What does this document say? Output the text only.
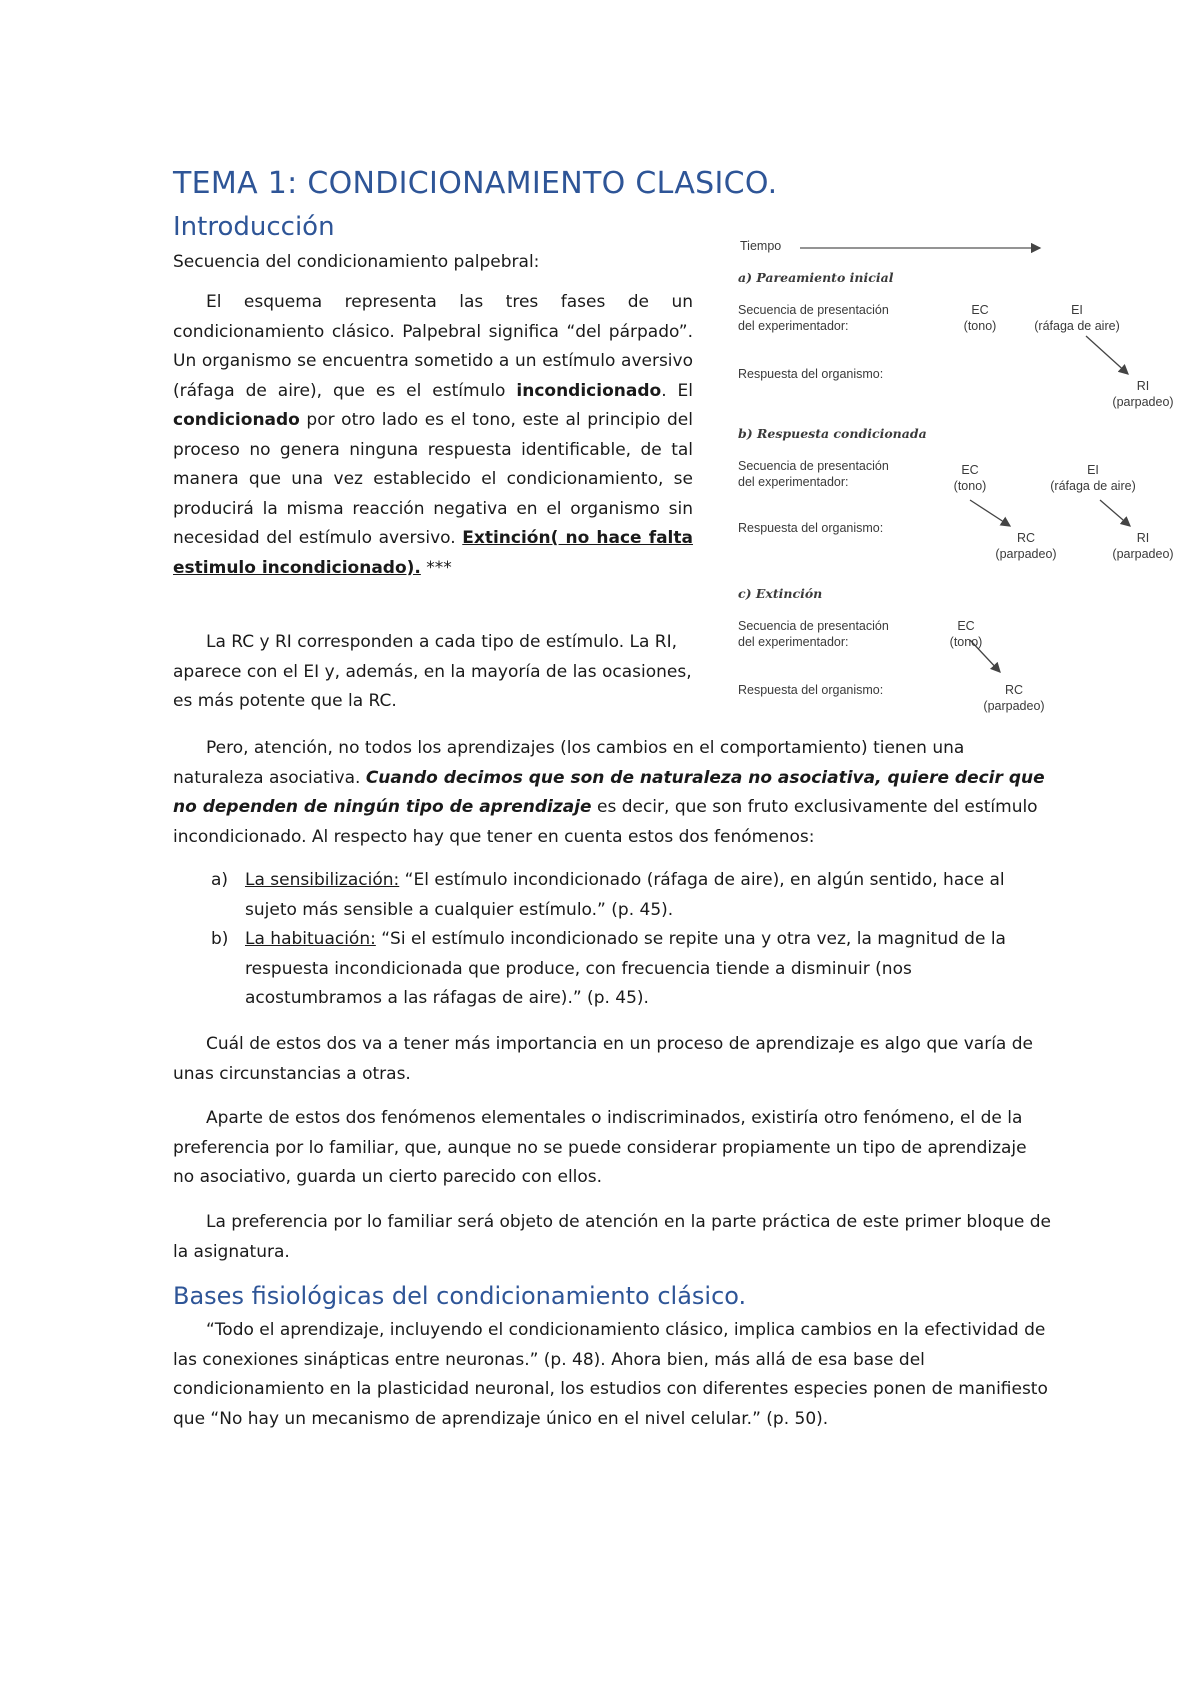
TEMA 1: CONDICIONAMIENTO CLASICO.
Introducción

Secuencia del condicionamiento palpebral:

El esquema representa las tres fases de un condicionamiento clásico. Palpebral significa “del párpado”. Un organismo se encuentra sometido a un estímulo aversivo (ráfaga de aire), que es el estímulo incondicionado. El condicionado por otro lado es el tono, este al principio del proceso no genera ninguna respuesta identificable, de tal manera que una vez establecido el condicionamiento, se producirá la misma reacción negativa en el organismo sin necesidad del estímulo aversivo. Extinción( no hace falta estimulo incondicionado). ***

La RC y RI corresponden a cada tipo de estímulo. La RI, aparece con el EI y, además, en la mayoría de las ocasiones, es más potente que la RC.

Tiempo
a) Pareamiento inicial
Secuencia de presentación
del experimentador:
Respuesta del organismo:
EC
(tono)
EI
(ráfaga de aire)
RI
(parpadeo)
b) Respuesta condicionada
Secuencia de presentación
del experimentador:
Respuesta del organismo:
EC
(tono)
EI
(ráfaga de aire)
RC
(parpadeo)
RI
(parpadeo)
c) Extinción
Secuencia de presentación
del experimentador:
Respuesta del organismo:
EC
(tono)
RC
(parpadeo)

Pero, atención, no todos los aprendizajes (los cambios en el comportamiento) tienen una naturaleza asociativa. Cuando decimos que son de naturaleza no asociativa, quiere decir que no dependen de ningún tipo de aprendizaje es decir, que son fruto exclusivamente del estímulo incondicionado. Al respecto hay que tener en cuenta estos dos fenómenos:

a) La sensibilización: “El estímulo incondicionado (ráfaga de aire), en algún sentido, hace al sujeto más sensible a cualquier estímulo.” (p. 45).
b) La habituación: “Si el estímulo incondicionado se repite una y otra vez, la magnitud de la respuesta incondicionada que produce, con frecuencia tiende a disminuir (nos acostumbramos a las ráfagas de aire).” (p. 45).

Cuál de estos dos va a tener más importancia en un proceso de aprendizaje es algo que varía de unas circunstancias a otras.

Aparte de estos dos fenómenos elementales o indiscriminados, existiría otro fenómeno, el de la preferencia por lo familiar, que, aunque no se puede considerar propiamente un tipo de aprendizaje no asociativo, guarda un cierto parecido con ellos.

La preferencia por lo familiar será objeto de atención en la parte práctica de este primer bloque de la asignatura.

Bases fisiológicas del condicionamiento clásico.

“Todo el aprendizaje, incluyendo el condicionamiento clásico, implica cambios en la efectividad de las conexiones sinápticas entre neuronas.” (p. 48). Ahora bien, más allá de esa base del condicionamiento en la plasticidad neuronal, los estudios con diferentes especies ponen de manifiesto que “No hay un mecanismo de aprendizaje único en el nivel celular.” (p. 50).
